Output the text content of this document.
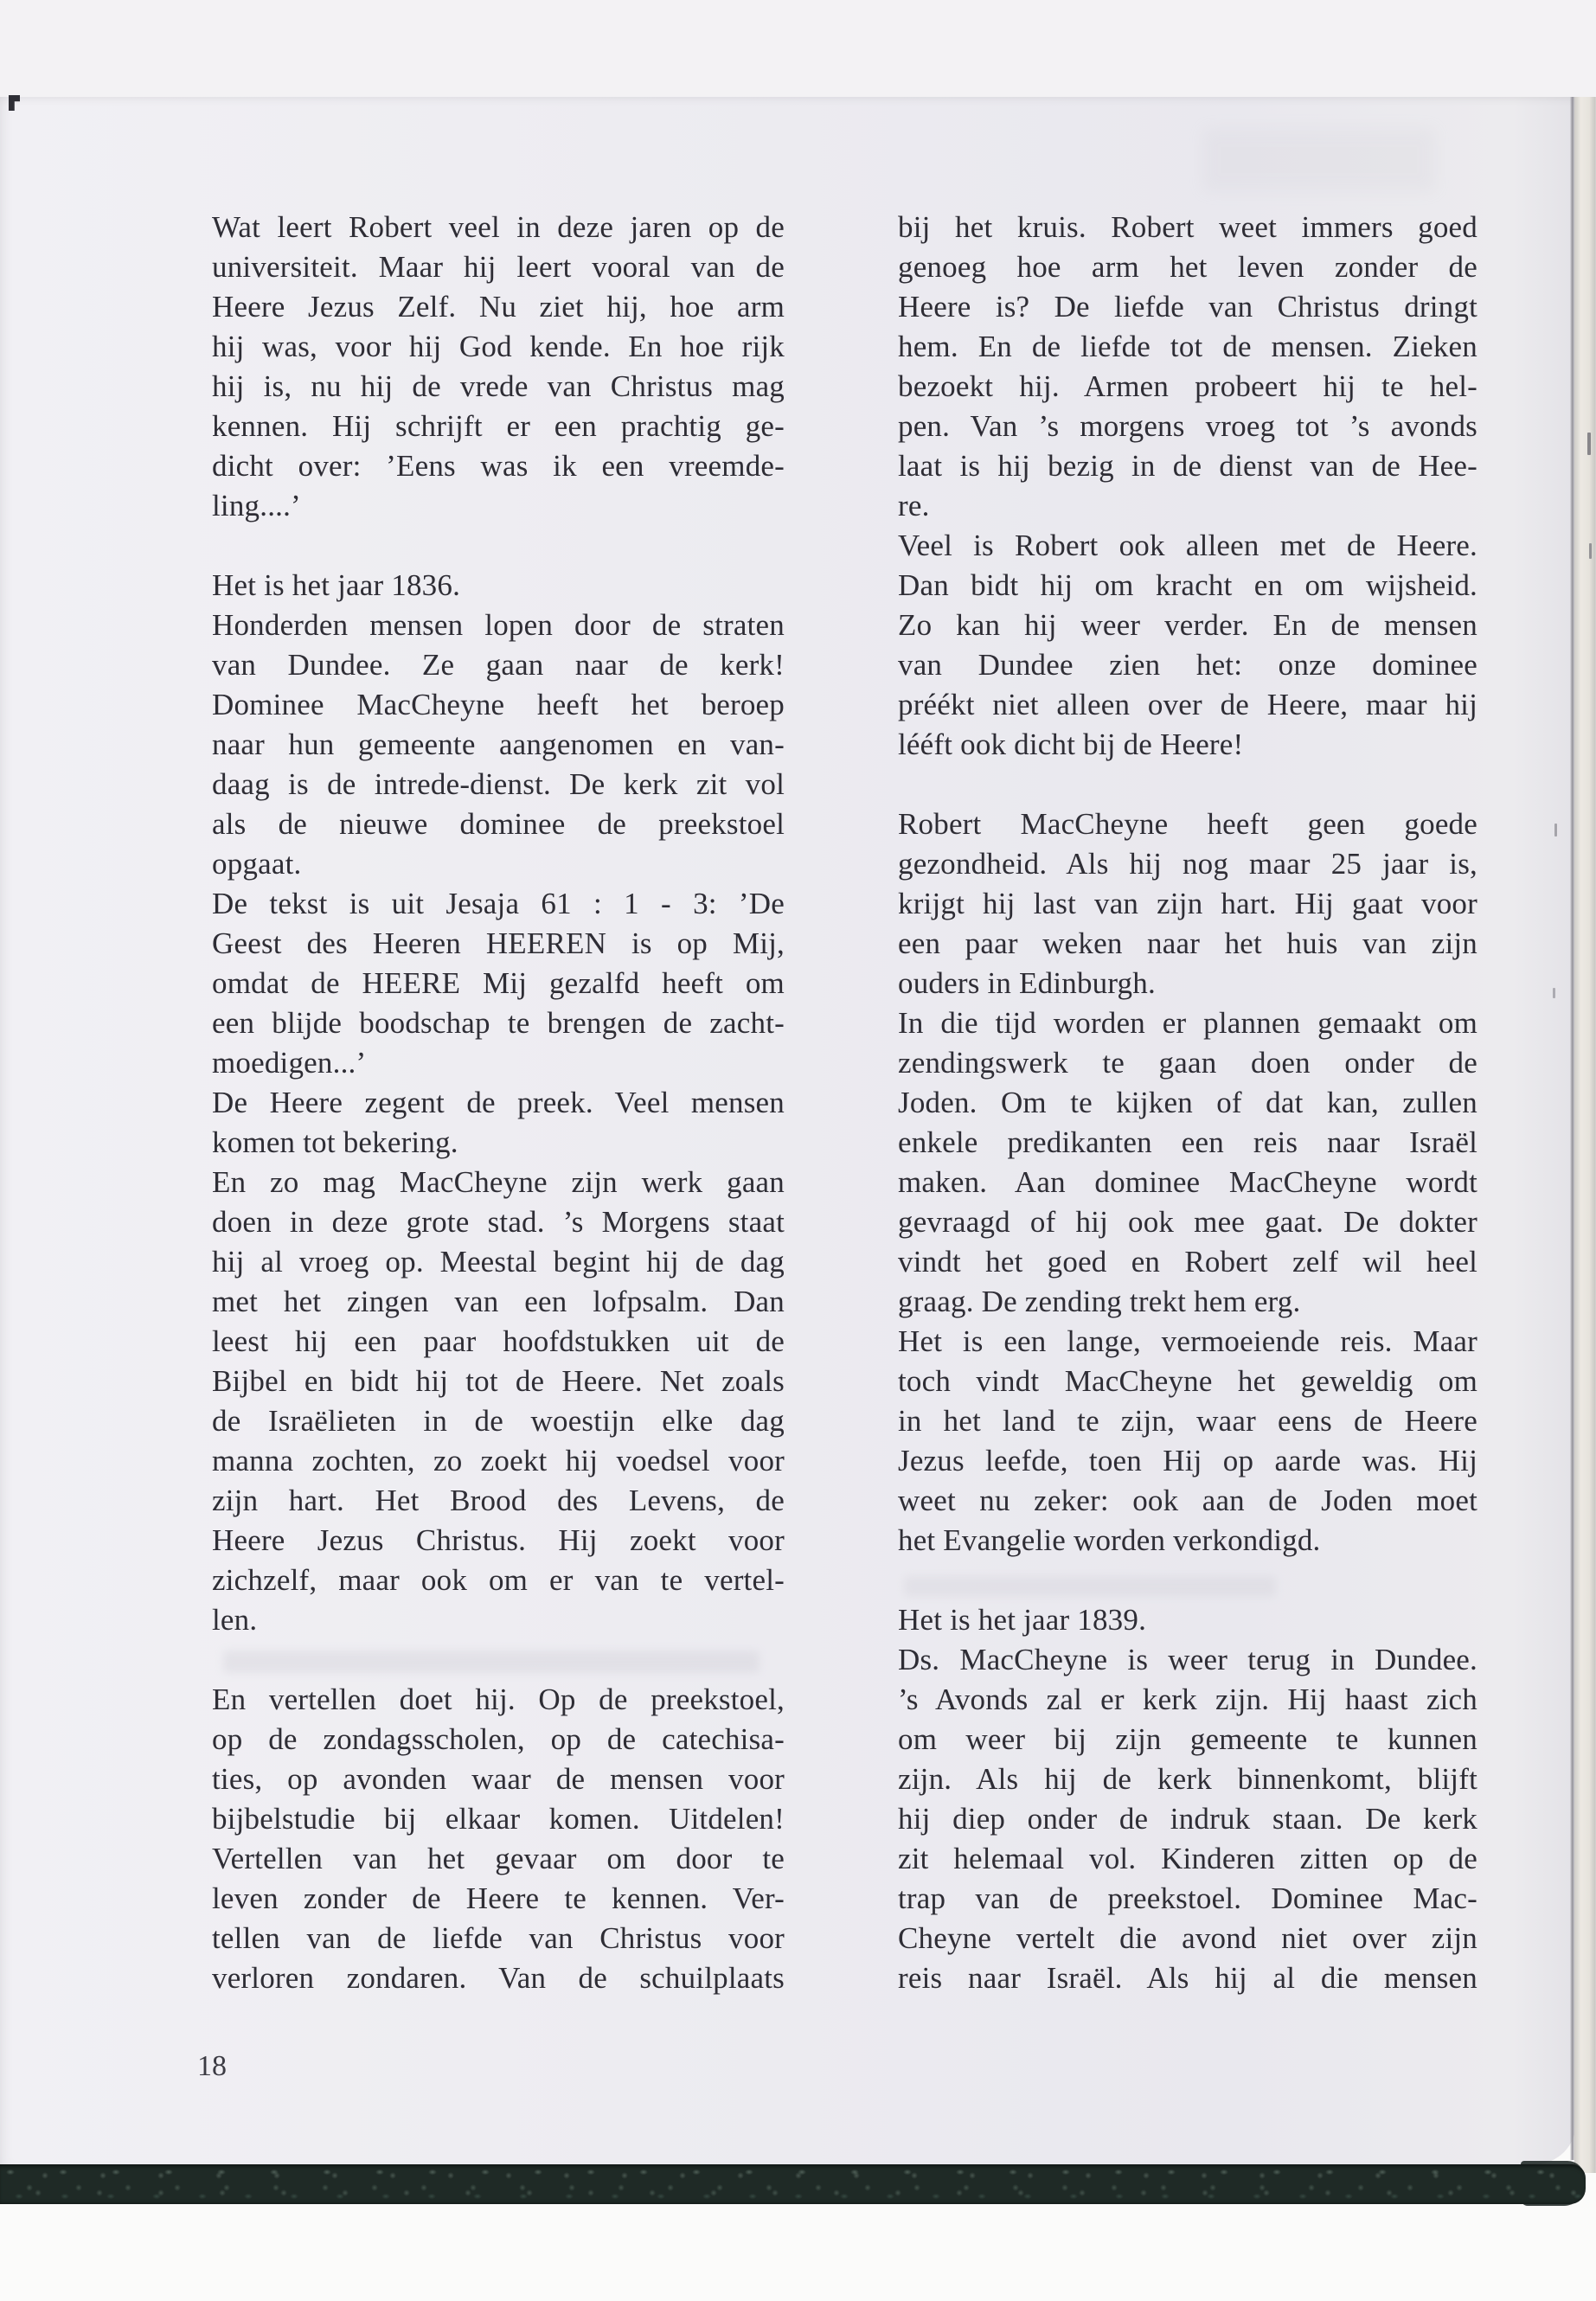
Wat leert Robert veel in deze jaren op de
universiteit. Maar hij leert vooral van de
Heere Jezus Zelf. Nu ziet hij, hoe arm
hij was, voor hij God kende. En hoe rijk
hij is, nu hij de vrede van Christus mag
kennen. Hij schrijft er een prachtig ge-
dicht over: ’Eens was ik een vreemde-
ling....’
Het is het jaar 1836.
Honderden mensen lopen door de straten
van Dundee. Ze gaan naar de kerk!
Dominee MacCheyne heeft het beroep
naar hun gemeente aangenomen en van-
daag is de intrede-dienst. De kerk zit vol
als de nieuwe dominee de preekstoel
opgaat.
De tekst is uit Jesaja 61 : 1 - 3: ’De
Geest des Heeren HEEREN is op Mij,
omdat de HEERE Mij gezalfd heeft om
een blijde boodschap te brengen de zacht-
moedigen...’
De Heere zegent de preek. Veel mensen
komen tot bekering.
En zo mag MacCheyne zijn werk gaan
doen in deze grote stad. ’s Morgens staat
hij al vroeg op. Meestal begint hij de dag
met het zingen van een lofpsalm. Dan
leest hij een paar hoofdstukken uit de
Bijbel en bidt hij tot de Heere. Net zoals
de Israëlieten in de woestijn elke dag
manna zochten, zo zoekt hij voedsel voor
zijn hart. Het Brood des Levens, de
Heere Jezus Christus. Hij zoekt voor
zichzelf, maar ook om er van te vertel-
len.
En vertellen doet hij. Op de preekstoel,
op de zondagsscholen, op de catechisa-
ties, op avonden waar de mensen voor
bijbelstudie bij elkaar komen. Uitdelen!
Vertellen van het gevaar om door te
leven zonder de Heere te kennen. Ver-
tellen van de liefde van Christus voor
verloren zondaren. Van de schuilplaats
bij het kruis. Robert weet immers goed
genoeg hoe arm het leven zonder de
Heere is? De liefde van Christus dringt
hem. En de liefde tot de mensen. Zieken
bezoekt hij. Armen probeert hij te hel-
pen. Van ’s morgens vroeg tot ’s avonds
laat is hij bezig in de dienst van de Hee-
re.
Veel is Robert ook alleen met de Heere.
Dan bidt hij om kracht en om wijsheid.
Zo kan hij weer verder. En de mensen
van Dundee zien het: onze dominee
préékt niet alleen over de Heere, maar hij
lééft ook dicht bij de Heere!
Robert MacCheyne heeft geen goede
gezondheid. Als hij nog maar 25 jaar is,
krijgt hij last van zijn hart. Hij gaat voor
een paar weken naar het huis van zijn
ouders in Edinburgh.
In die tijd worden er plannen gemaakt om
zendingswerk te gaan doen onder de
Joden. Om te kijken of dat kan, zullen
enkele predikanten een reis naar Israël
maken. Aan dominee MacCheyne wordt
gevraagd of hij ook mee gaat. De dokter
vindt het goed en Robert zelf wil heel
graag. De zending trekt hem erg.
Het is een lange, vermoeiende reis. Maar
toch vindt MacCheyne het geweldig om
in het land te zijn, waar eens de Heere
Jezus leefde, toen Hij op aarde was. Hij
weet nu zeker: ook aan de Joden moet
het Evangelie worden verkondigd.
Het is het jaar 1839.
Ds. MacCheyne is weer terug in Dundee.
’s Avonds zal er kerk zijn. Hij haast zich
om weer bij zijn gemeente te kunnen
zijn. Als hij de kerk binnenkomt, blijft
hij diep onder de indruk staan. De kerk
zit helemaal vol. Kinderen zitten op de
trap van de preekstoel. Dominee Mac-
Cheyne vertelt die avond niet over zijn
reis naar Israël. Als hij al die mensen
18
